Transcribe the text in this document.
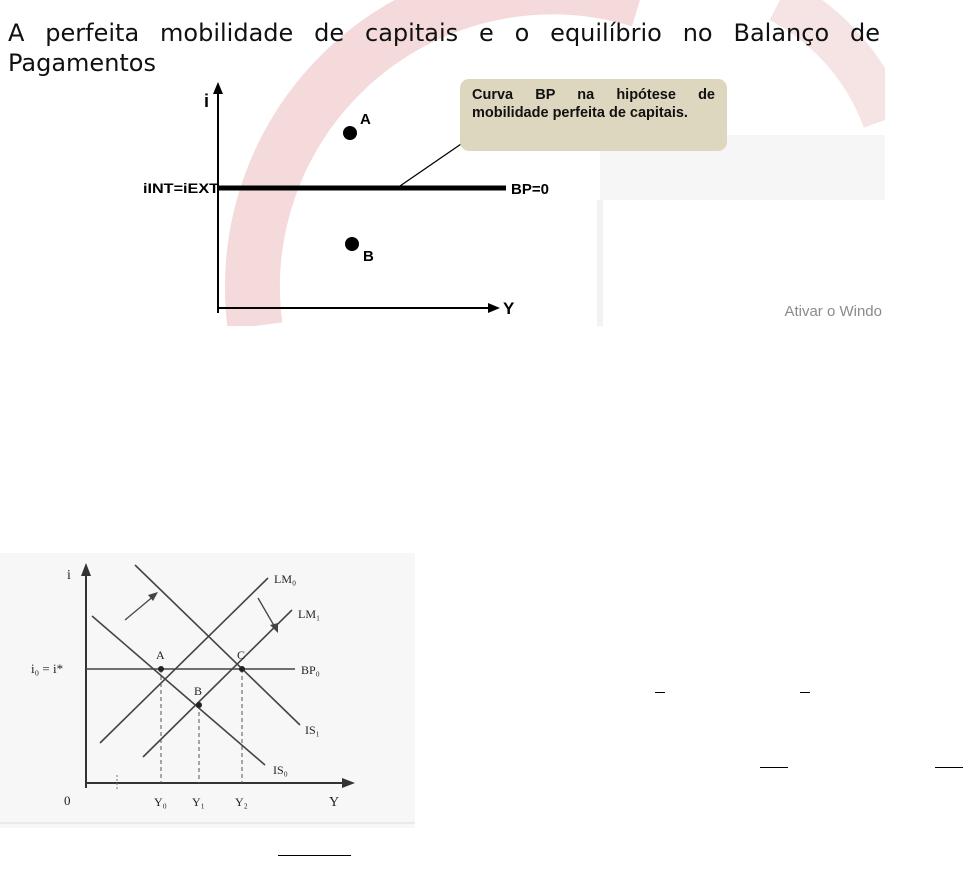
A perfeita mobilidade de capitais e o equilíbrio no Balanço de Pagamentos
Ativar o Windo
i
Y
BP=0
iINT=iEXT
A
B
Curva BP na hipótese de mobilidade perfeita de capitais.
i
Y
0
i₀ = i*
LM₀
LM₁
BP₀
IS₁
IS₀
A
B
C
Y₀ Y₁	Y₂
